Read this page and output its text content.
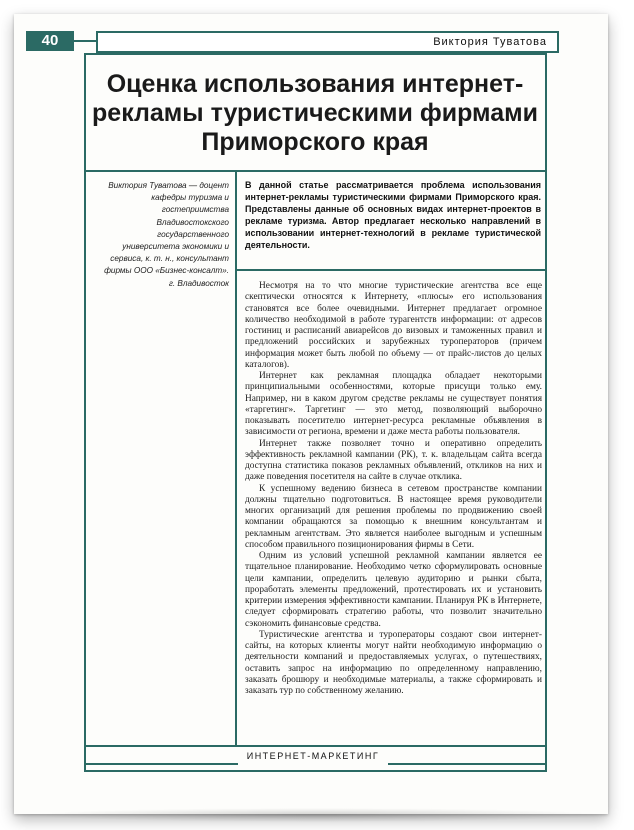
40	Виктория Туватова
Оценка использования интернет-рекламы туристическими фирмами Приморского края
Виктория Туватова — доцент кафедры туризма и гостеприимства Владивостокского государственного университета экономики и сервиса, к. т. н., консультант фирмы ООО «Бизнес-консалт». г. Владивосток
В данной статье рассматривается проблема использования интернет-рекламы туристическими фирмами Приморского края. Представлены данные об основных видах интернет-проектов в рекламе туризма. Автор предлагает несколько направлений в использовании интернет-технологий в рекламе туристической деятельности.

Несмотря на то что многие туристические агентства все еще скептически относятся к Интернету, «плюсы» его использования становятся все более очевидными. Интернет предлагает огромное количество необходимой в работе турагентств информации: от адресов гостиниц и расписаний авиарейсов до визовых и таможенных правил и предложений российских и зарубежных туроператоров (причем информация может быть любой по объему — от прайс-листов до целых каталогов).

Интернет как рекламная площадка обладает некоторыми принципиальными особенностями, которые присущи только ему. Например, ни в каком другом средстве рекламы не существует понятия «таргетинг». Таргетинг — это метод, позволяющий выборочно показывать посетителю интернет-ресурса рекламные объявления в зависимости от региона, времени и даже места работы пользователя.

Интернет также позволяет точно и оперативно определить эффективность рекламной кампании (РК), т. к. владельцам сайта всегда доступна статистика показов рекламных объявлений, откликов на них и даже поведения посетителя на сайте в случае отклика.

К успешному ведению бизнеса в сетевом пространстве компании должны тщательно подготовиться. В настоящее время руководители многих организаций для решения проблемы по продвижению своей компании обращаются за помощью к внешним консультантам и рекламным агентствам. Это является наиболее выгодным и успешным способом правильного позиционирования фирмы в Сети.

Одним из условий успешной рекламной кампании является ее тщательное планирование. Необходимо четко сформулировать основные цели кампании, определить целевую аудиторию и рынки сбыта, проработать элементы предложений, протестировать их и установить критерии измерения эффективности кампании. Планируя РК в Интернете, следует сформировать стратегию работы, что позволит значительно сэкономить финансовые средства.

Туристические агентства и туроператоры создают свои интернет-сайты, на которых клиенты могут найти необходимую информацию о деятельности компаний и предоставляемых услугах, о путешествиях, оставить запрос на информацию по определенному направлению, заказать брошюру и необходимые материалы, а также сформировать и заказать тур по собственному желанию.

ИНТЕРНЕТ-МАРКЕТИНГ
